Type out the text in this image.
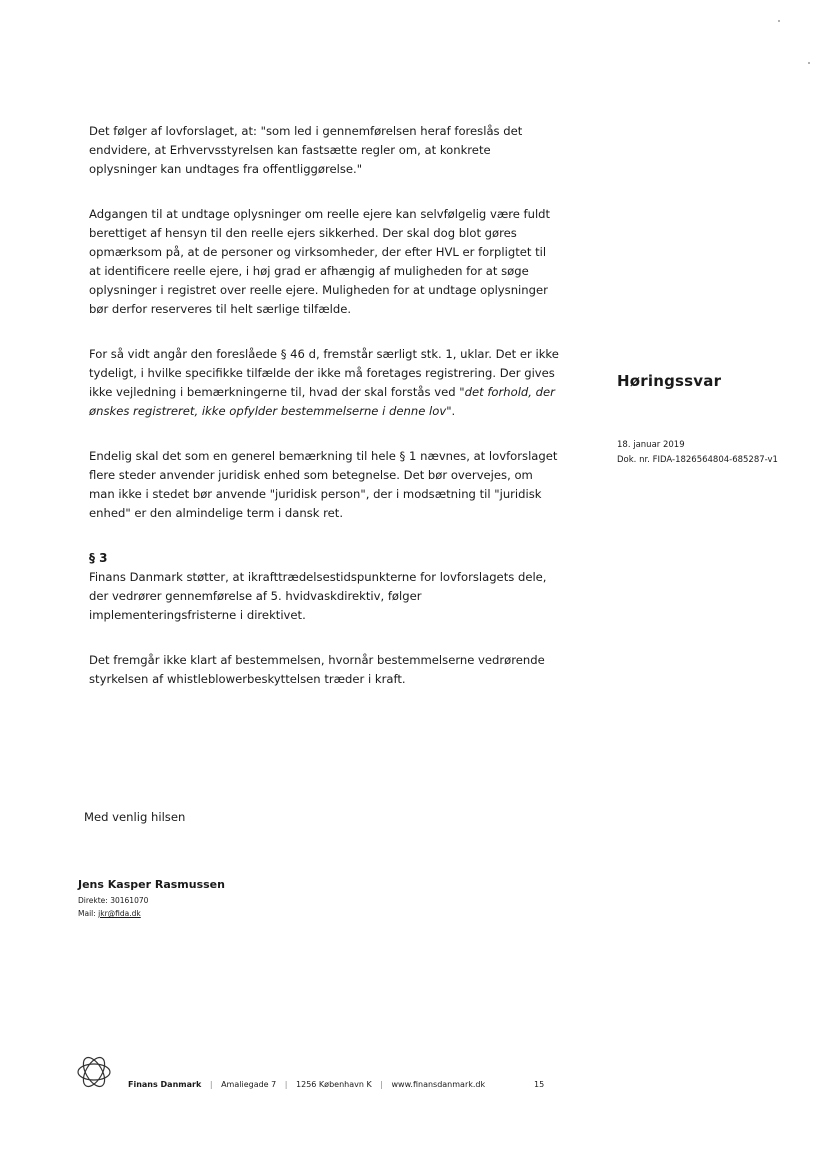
Det følger af lovforslaget, at: "som led i gennemførelsen heraf foreslås det endvidere, at Erhvervsstyrelsen kan fastsætte regler om, at konkrete oplysninger kan undtages fra offentliggørelse."

Adgangen til at undtage oplysninger om reelle ejere kan selvfølgelig være fuldt berettiget af hensyn til den reelle ejers sikkerhed. Der skal dog blot gøres opmærksom på, at de personer og virksomheder, der efter HVL er forpligtet til at identificere reelle ejere, i høj grad er afhængig af muligheden for at søge oplysninger i registret over reelle ejere. Muligheden for at undtage oplysninger bør derfor reserveres til helt særlige tilfælde.

For så vidt angår den foreslåede § 46 d, fremstår særligt stk. 1, uklar. Det er ikke tydeligt, i hvilke specifikke tilfælde der ikke må foretages registrering. Der gives ikke vejledning i bemærkningerne til, hvad der skal forstås ved "det forhold, der ønskes registreret, ikke opfylder bestemmelserne i denne lov".

Endelig skal det som en generel bemærkning til hele § 1 nævnes, at lovforslaget flere steder anvender juridisk enhed som betegnelse. Det bør overvejes, om man ikke i stedet bør anvende "juridisk person", der i modsætning til "juridisk enhed" er den almindelige term i dansk ret.

§ 3

Finans Danmark støtter, at ikrafttrædelsestidspunkterne for lovforslagets dele, der vedrører gennemførelse af 5. hvidvaskdirektiv, følger implementeringsfristerne i direktivet.

Det fremgår ikke klart af bestemmelsen, hvornår bestemmelserne vedrørende styrkelsen af whistleblowerbeskyttelsen træder i kraft.

Høringssvar
18. januar 2019
Dok. nr. FIDA-1826564804-685287-v1
Med venlig hilsen
Jens Kasper Rasmussen
Direkte: 30161070
Mail: jkr@fida.dk
Finans Danmark | Amaliegade 7 | 1256 København K | www.finansdanmark.dk	15
